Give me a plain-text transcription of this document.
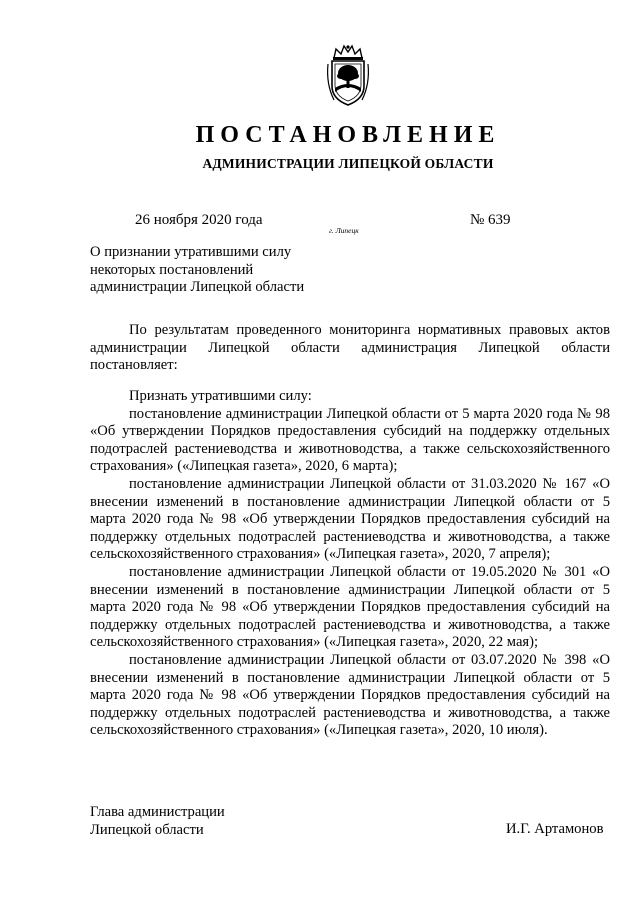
ПОСТАНОВЛЕНИЕ
АДМИНИСТРАЦИИ ЛИПЕЦКОЙ ОБЛАСТИ
26 ноября 2020 года
г. Липецк
№ 639
О признании утратившими силу
некоторых постановлений
администрации Липецкой области

По результатам проведенного мониторинга нормативных правовых актов администрации Липецкой области администрация Липецкой области постановляет:

Признать утратившими силу:

постановление администрации Липецкой области от 5 марта 2020 года № 98 «Об утверждении Порядков предоставления субсидий на поддержку отдельных подотраслей растениеводства и животноводства, а также сельскохозяйственного страхования» («Липецкая газета», 2020, 6 марта);

постановление администрации Липецкой области от 31.03.2020 № 167 «О внесении изменений в постановление администрации Липецкой области от 5 марта 2020 года № 98 «Об утверждении Порядков предоставления субсидий на поддержку отдельных подотраслей растениеводства и животноводства, а также сельскохозяйственного страхования» («Липецкая газета», 2020, 7 апреля);

постановление администрации Липецкой области от 19.05.2020 № 301 «О внесении изменений в постановление администрации Липецкой области от 5 марта 2020 года № 98 «Об утверждении Порядков предоставления субсидий на поддержку отдельных подотраслей растениеводства и животноводства, а также сельскохозяйственного страхования» («Липецкая газета», 2020, 22 мая);

постановление администрации Липецкой области от 03.07.2020 № 398 «О внесении изменений в постановление администрации Липецкой области от 5 марта 2020 года № 98 «Об утверждении Порядков предоставления субсидий на поддержку отдельных подотраслей растениеводства и животноводства, а также сельскохозяйственного страхования» («Липецкая газета», 2020, 10 июля).

Глава администрации
Липецкой области	И.Г. Артамонов
